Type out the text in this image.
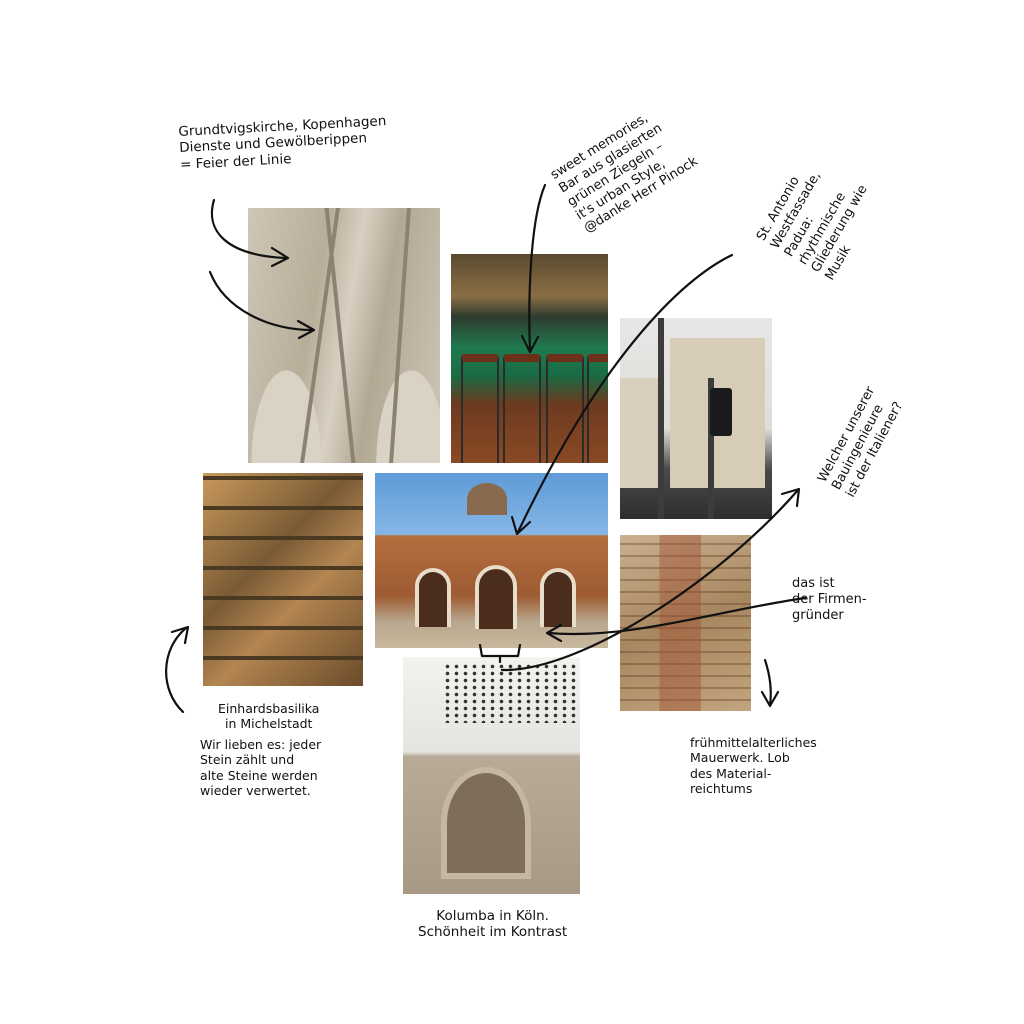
Grundtvigskirche, Kopenhagen
Dienste und Gewölberippen
= Feier der Linie	sweet memories,
Bar aus glasierten
grünen Ziegeln –
it's urban Style,
@danke Herr Pinock	St. Antonio
Westfassade,
Padua:
rhythmische
Gliederung wie
Musik
Welcher unserer
Bauingenieure
ist der Italiener?
das ist
der Firmen-
gründer
frühmittelalterliches
Mauerwerk. Lob
des Material-
reichtums
Einhardsbasilika
in Michelstadt
Wir lieben es: jeder
Stein zählt und
alte Steine werden
wieder verwertet.
Kolumba in Köln.
Schönheit im Kontrast
